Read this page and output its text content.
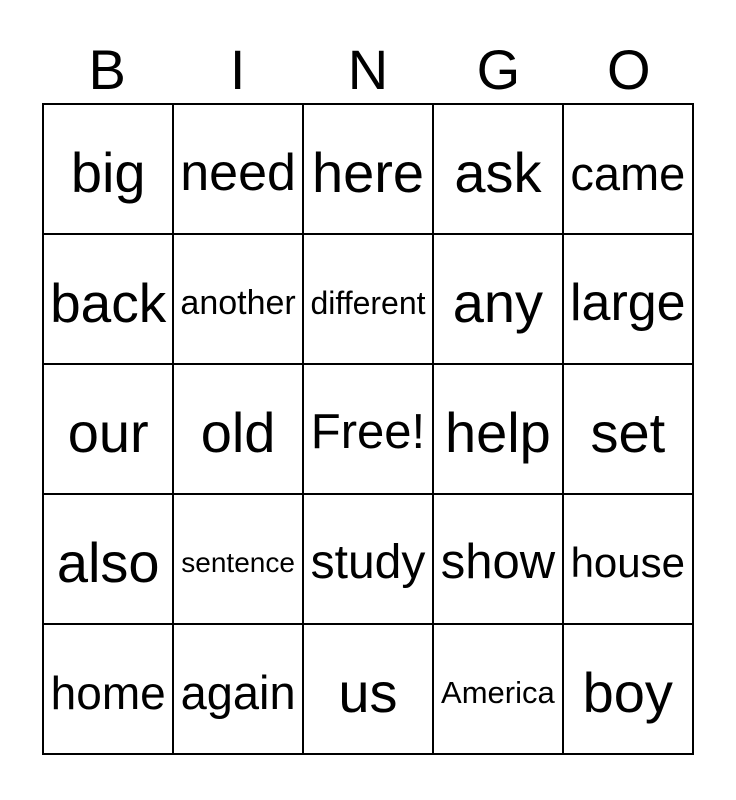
B	I	N	G	O
big need here ask came
back another different any large
our old Free! help set
also sentence study show house
home again us America boy
